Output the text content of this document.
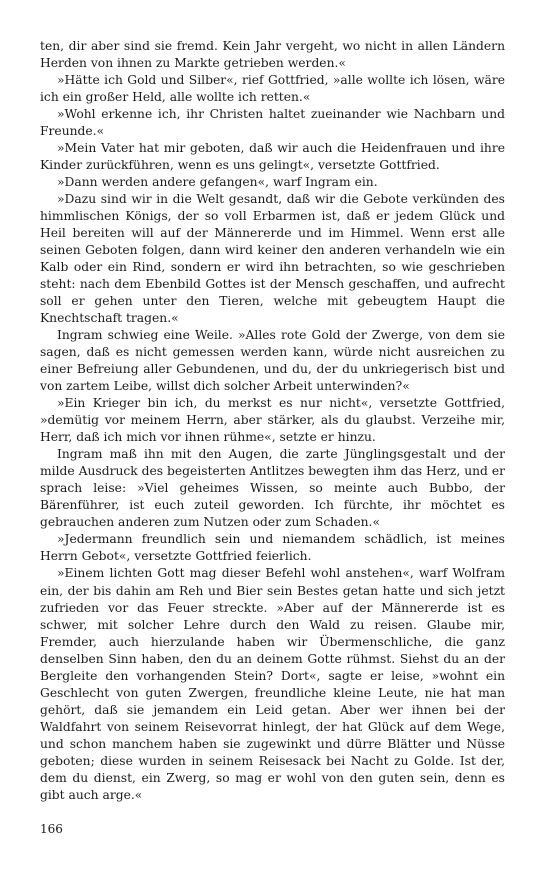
ten, dir aber sind sie fremd. Kein Jahr vergeht, wo nicht in allen Ländern Herden von ihnen zu Markte getrieben werden.«

»Hätte ich Gold und Silber«, rief Gottfried, »alle wollte ich lösen, wäre ich ein großer Held, alle wollte ich retten.«

»Wohl erkenne ich, ihr Christen haltet zueinander wie Nachbarn und Freunde.«

»Mein Vater hat mir geboten, daß wir auch die Heidenfrauen und ihre Kinder zurückführen, wenn es uns gelingt«, versetzte Gottfried.

»Dann werden andere gefangen«, warf Ingram ein.

»Dazu sind wir in die Welt gesandt, daß wir die Gebote verkünden des himmlischen Königs, der so voll Erbarmen ist, daß er jedem Glück und Heil bereiten will auf der Männererde und im Himmel. Wenn erst alle seinen Geboten folgen, dann wird keiner den anderen verhandeln wie ein Kalb oder ein Rind, sondern er wird ihn betrachten, so wie geschrieben steht: nach dem Ebenbild Gottes ist der Mensch geschaffen, und aufrecht soll er gehen unter den Tieren, welche mit gebeugtem Haupt die Knechtschaft tragen.«

Ingram schwieg eine Weile. »Alles rote Gold der Zwerge, von dem sie sagen, daß es nicht gemessen werden kann, würde nicht ausreichen zu einer Befreiung aller Gebundenen, und du, der du unkriegerisch bist und von zartem Leibe, willst dich solcher Arbeit unterwinden?«

»Ein Krieger bin ich, du merkst es nur nicht«, versetzte Gottfried, »demütig vor meinem Herrn, aber stärker, als du glaubst. Verzeihe mir, Herr, daß ich mich vor ihnen rühme«, setzte er hinzu.

Ingram maß ihn mit den Augen, die zarte Jünglingsgestalt und der milde Ausdruck des begeisterten Antlitzes bewegten ihm das Herz, und er sprach leise: »Viel geheimes Wissen, so meinte auch Bubbo, der Bärenführer, ist euch zuteil geworden. Ich fürchte, ihr möchtet es gebrauchen anderen zum Nutzen oder zum Schaden.«

»Jedermann freundlich sein und niemandem schädlich, ist meines Herrn Gebot«, versetzte Gottfried feierlich.

»Einem lichten Gott mag dieser Befehl wohl anstehen«, warf Wolfram ein, der bis dahin am Reh und Bier sein Bestes getan hatte und sich jetzt zufrieden vor das Feuer streckte. »Aber auf der Männererde ist es schwer, mit solcher Lehre durch den Wald zu reisen. Glaube mir, Fremder, auch hierzulande haben wir Übermenschliche, die ganz denselben Sinn haben, den du an deinem Gotte rühmst. Siehst du an der Bergleite den vorhangenden Stein? Dort«, sagte er leise, »wohnt ein Geschlecht von guten Zwergen, freundliche kleine Leute, nie hat man gehört, daß sie jemandem ein Leid getan. Aber wer ihnen bei der Waldfahrt von seinem Reisevorrat hinlegt, der hat Glück auf dem Wege, und schon manchem haben sie zugewinkt und dürre Blätter und Nüsse geboten; diese wurden in seinem Reisesack bei Nacht zu Golde. Ist der, dem du dienst, ein Zwerg, so mag er wohl von den guten sein, denn es gibt auch arge.«

166
